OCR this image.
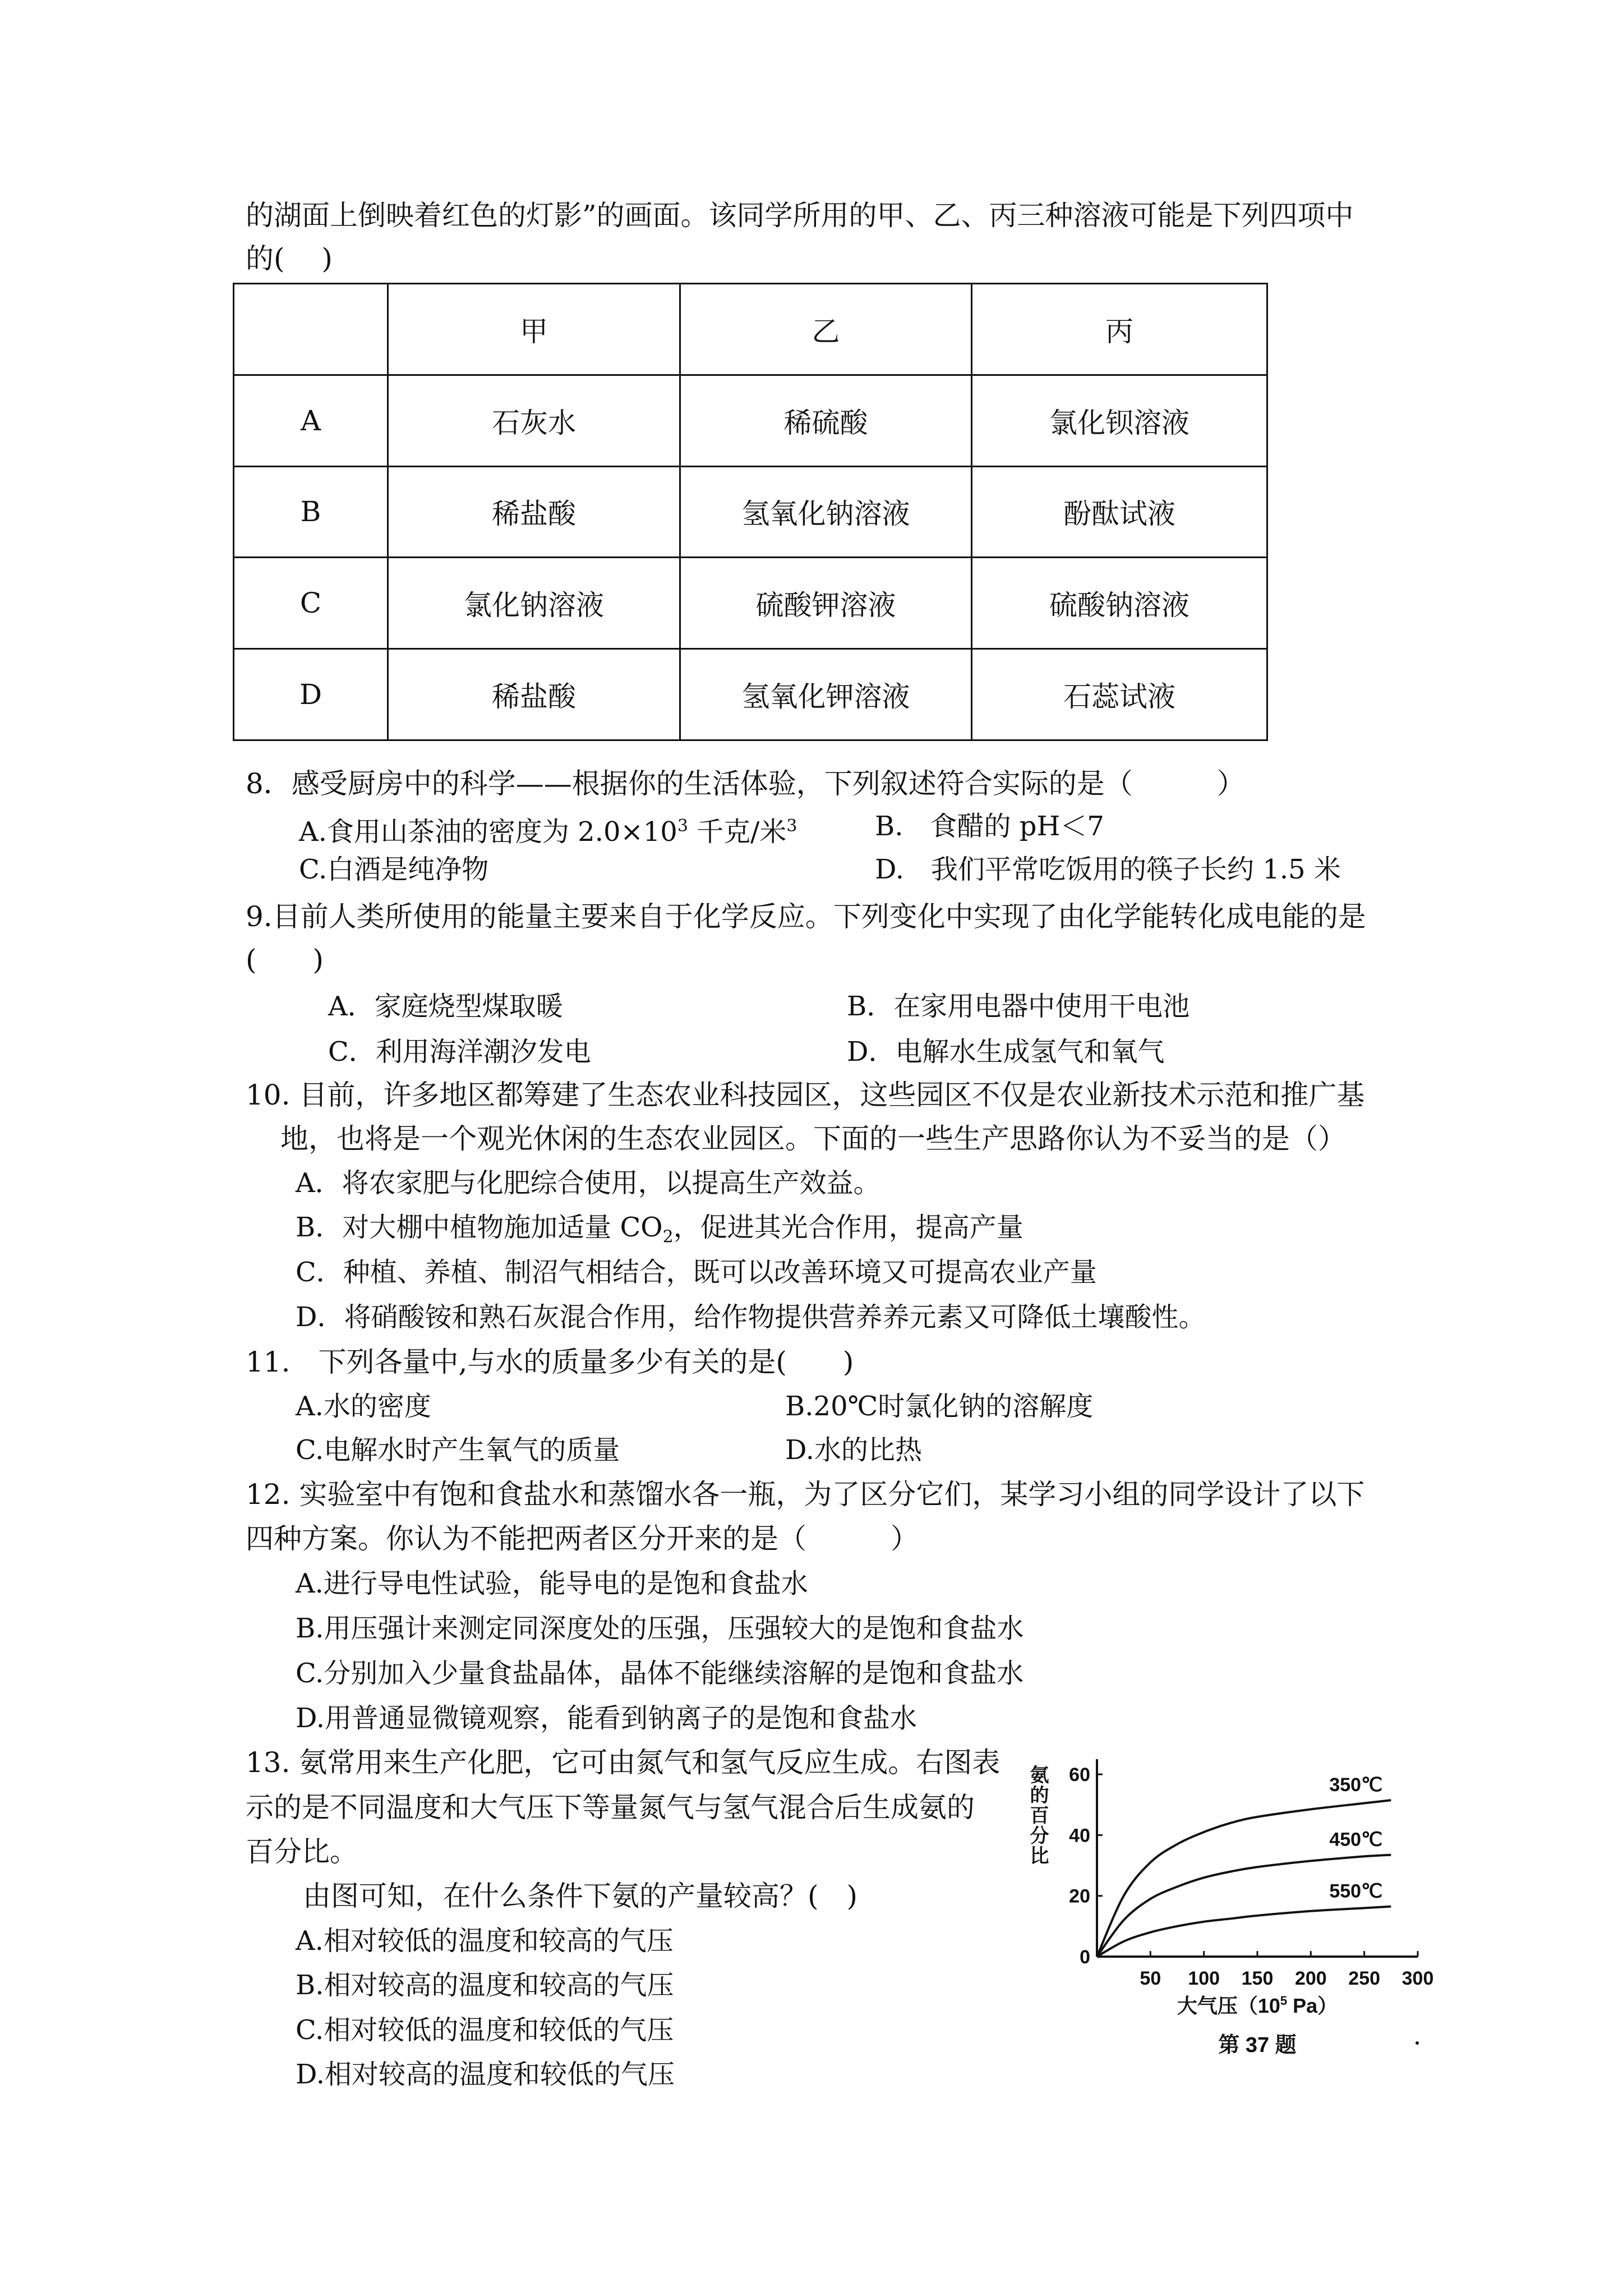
的湖面上倒映着红色的灯影”的画面。该同学所用的甲、乙、丙三种溶液可能是下列四项中
的(　 )
	甲	乙	丙
A	石灰水	稀硫酸	氯化钡溶液
B	稀盐酸	氢氧化钠溶液	酚酞试液
C	氯化钠溶液	硫酸钾溶液	硫酸钠溶液
D	稀盐酸	氢氧化钾溶液	石蕊试液
8．感受厨房中的科学——根据你的生活体验，下列叙述符合实际的是（　　　）
A.食用山茶油的密度为 $2.0\times 10^3$ 千克/米$^3$	B.　食醋的 pH＜7
C.白酒是纯净物	D.　我们平常吃饭用的筷子长约 1.5 米
9.目前人类所使用的能量主要来自于化学反应。下列变化中实现了由化学能转化成电能的是
(　　)
A．家庭烧型煤取暖	B．在家用电器中使用干电池
C．利用海洋潮汐发电	D．电解水生成氢气和氧气
10. 目前，许多地区都筹建了生态农业科技园区，这些园区不仅是农业新技术示范和推广基
地，也将是一个观光休闲的生态农业园区。下面的一些生产思路你认为不妥当的是（）
A．将农家肥与化肥综合使用，以提高生产效益。
B．对大棚中植物施加适量 $CO_2$，促进其光合作用，提高产量
C．种植、养植、制沼气相结合，既可以改善环境又可提高农业产量
D．将硝酸铵和熟石灰混合作用，给作物提供营养养元素又可降低土壤酸性。
11.　下列各量中,与水的质量多少有关的是(　　)
A.水的密度	B.20℃时氯化钠的溶解度
C.电解水时产生氧气的质量	D.水的比热
12. 实验室中有饱和食盐水和蒸馏水各一瓶，为了区分它们，某学习小组的同学设计了以下
四种方案。你认为不能把两者区分开来的是（　　　）
A.进行导电性试验，能导电的是饱和食盐水
B.用压强计来测定同深度处的压强，压强较大的是饱和食盐水
C.分别加入少量食盐晶体，晶体不能继续溶解的是饱和食盐水
D.用普通显微镜观察，能看到钠离子的是饱和食盐水
13. 氨常用来生产化肥，它可由氮气和氢气反应生成。右图表
示的是不同温度和大气压下等量氮气与氢气混合后生成氨的
百分比。
由图可知，在什么条件下氨的产量较高？(　)
A.相对较低的温度和较高的气压
B.相对较高的温度和较高的气压
C.相对较低的温度和较低的气压
D.相对较高的温度和较低的气压
50 100 150 200 250 300
0
20
40
60	350℃
450℃
550℃
氨的百分比
大气压（$10^5$ Pa）
第 37 题
